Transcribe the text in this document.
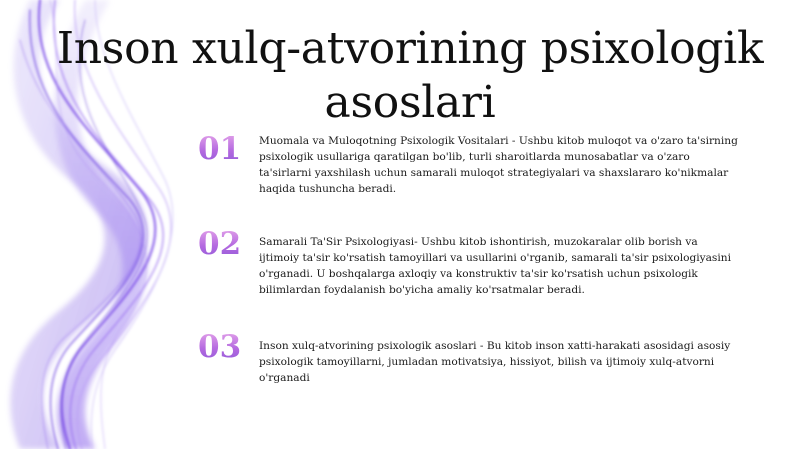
Inson xulq-atvorining psixologik asoslari
01 Muomala va Muloqotning Psixologik Vositalari - Ushbu kitob muloqot va o'zaro ta'sirning psixologik usullariga qaratilgan bo'lib, turli sharoitlarda munosabatlar va o'zaro ta'sirlarni yaxshilash uchun samarali muloqot strategiyalari va shaxslararo ko'nikmalar haqida tushuncha beradi.

02 Samarali Ta'Sir Psixologiyasi- Ushbu kitob ishontirish, muzokaralar olib borish va ijtimoiy ta'sir ko'rsatish tamoyillari va usullarini o'rganib, samarali ta'sir psixologiyasini o'rganadi. U boshqalarga axloqiy va konstruktiv ta'sir ko'rsatish uchun psixologik bilimlardan foydalanish bo'yicha amaliy ko'rsatmalar beradi.

03 Inson xulq-atvorining psixologik asoslari - Bu kitob inson xatti-harakati asosidagi asosiy psixologik tamoyillarni, jumladan motivatsiya, hissiyot, bilish va ijtimoiy xulq-atvorni o'rganadi
